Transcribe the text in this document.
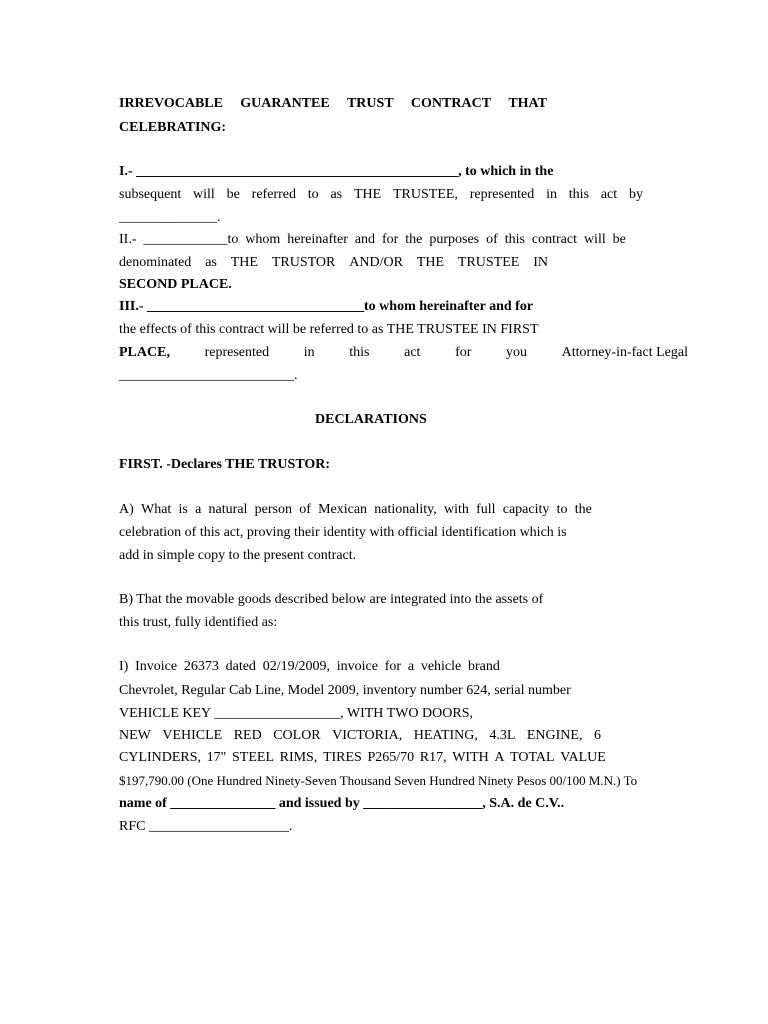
IRREVOCABLE GUARANTEE TRUST CONTRACT THAT
CELEBRATING:
I.- ______________________________________________, to which in the
subsequent will be referred to as THE TRUSTEE, represented in this act by
______________.
II.- ____________to whom hereinafter and for the purposes of this contract will be
denominated as THE TRUSTOR AND/OR THE TRUSTEE IN
SECOND PLACE.
III.- _______________________________to whom hereinafter and for
the effects of this contract will be referred to as THE TRUSTEE IN FIRST
PLACE, represented in this act for you Attorney-in-fact Legal
_________________________.
DECLARATIONS
FIRST. -Declares THE TRUSTOR:
A) What is a natural person of Mexican nationality, with full capacity to the
celebration of this act, proving their identity with official identification which is
add in simple copy to the present contract.
B) That the movable goods described below are integrated into the assets of
this trust, fully identified as:
I) Invoice 26373 dated 02/19/2009, invoice for a vehicle brand
Chevrolet, Regular Cab Line, Model 2009, inventory number 624, serial number
VEHICLE KEY __________________, WITH TWO DOORS,
NEW VEHICLE RED COLOR VICTORIA, HEATING, 4.3L ENGINE, 6
CYLINDERS, 17" STEEL RIMS, TIRES P265/70 R17, WITH A TOTAL VALUE
$197,790.00 (One Hundred Ninety-Seven Thousand Seven Hundred Ninety Pesos 00/100 M.N.) To
name of _______________ and issued by _________________, S.A. de C.V..
RFC ____________________.
